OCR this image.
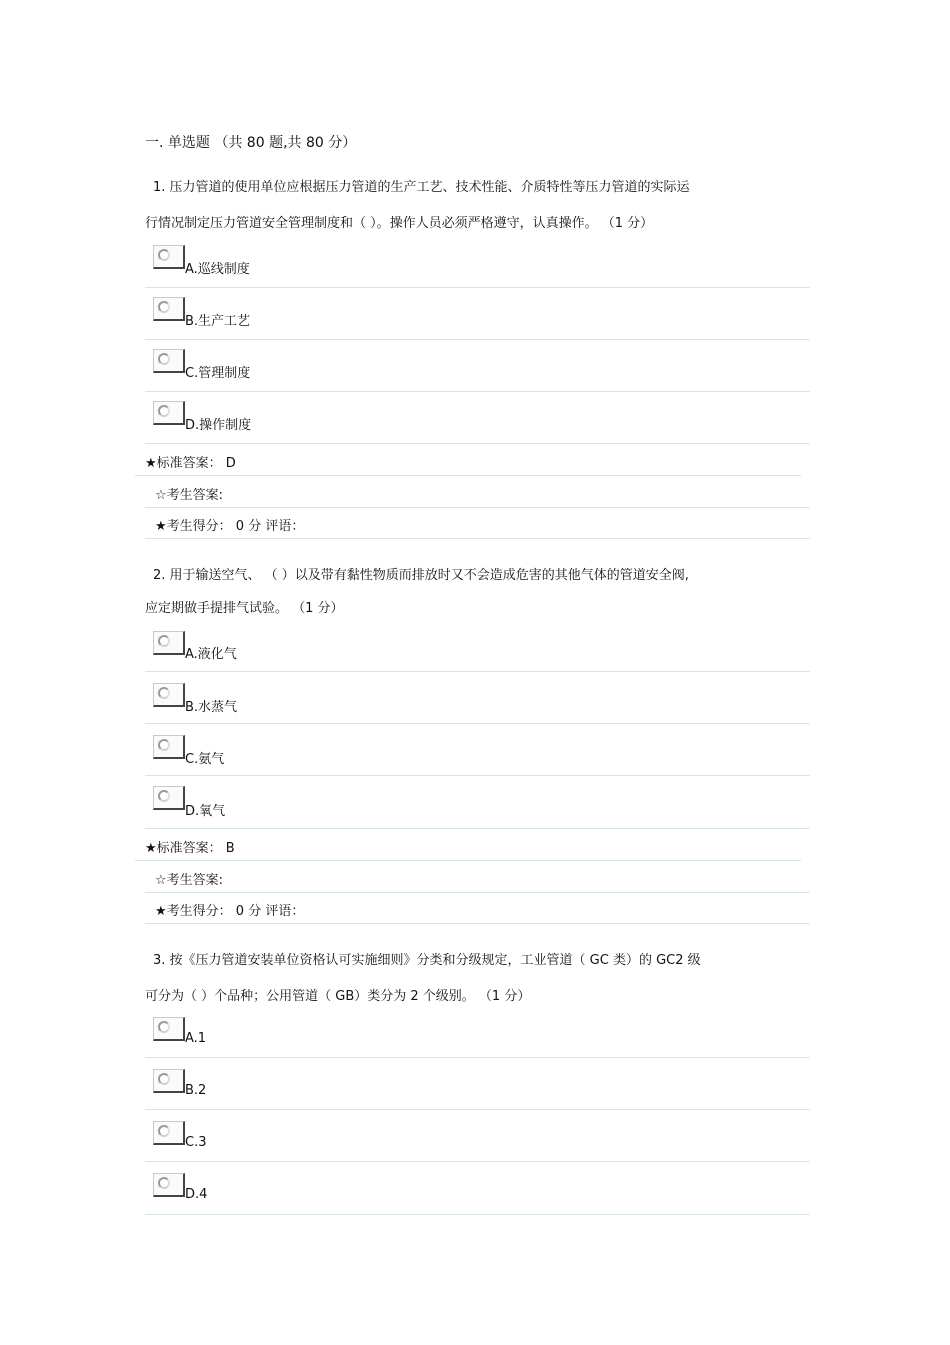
一. 单选题 （共 80 题,共 80 分）
1. 压力管道的使用单位应根据压力管道的生产工艺、技术性能、介质特性等压力管道的实际运
行情况制定压力管道安全管理制度和（ ）。操作人员必须严格遵守，认真操作。 （1 分）
A.巡线制度
B.生产工艺
C.管理制度
D.操作制度
★标准答案： D
☆考生答案:
★考生得分： 0 分 评语：
2. 用于输送空气、 （ ）以及带有黏性物质而排放时又不会造成危害的其他气体的管道安全阀,
应定期做手提排气试验。 （1 分）
A.液化气
B.水蒸气
C.氨气
D.氧气
★标准答案： B
☆考生答案:
★考生得分： 0 分 评语：
3. 按《压力管道安装单位资格认可实施细则》分类和分级规定，工业管道（ GC 类）的 GC2 级
可分为（ ）个品种；公用管道（ GB）类分为 2 个级别。 （1 分）
A.1
B.2
C.3
D.4
